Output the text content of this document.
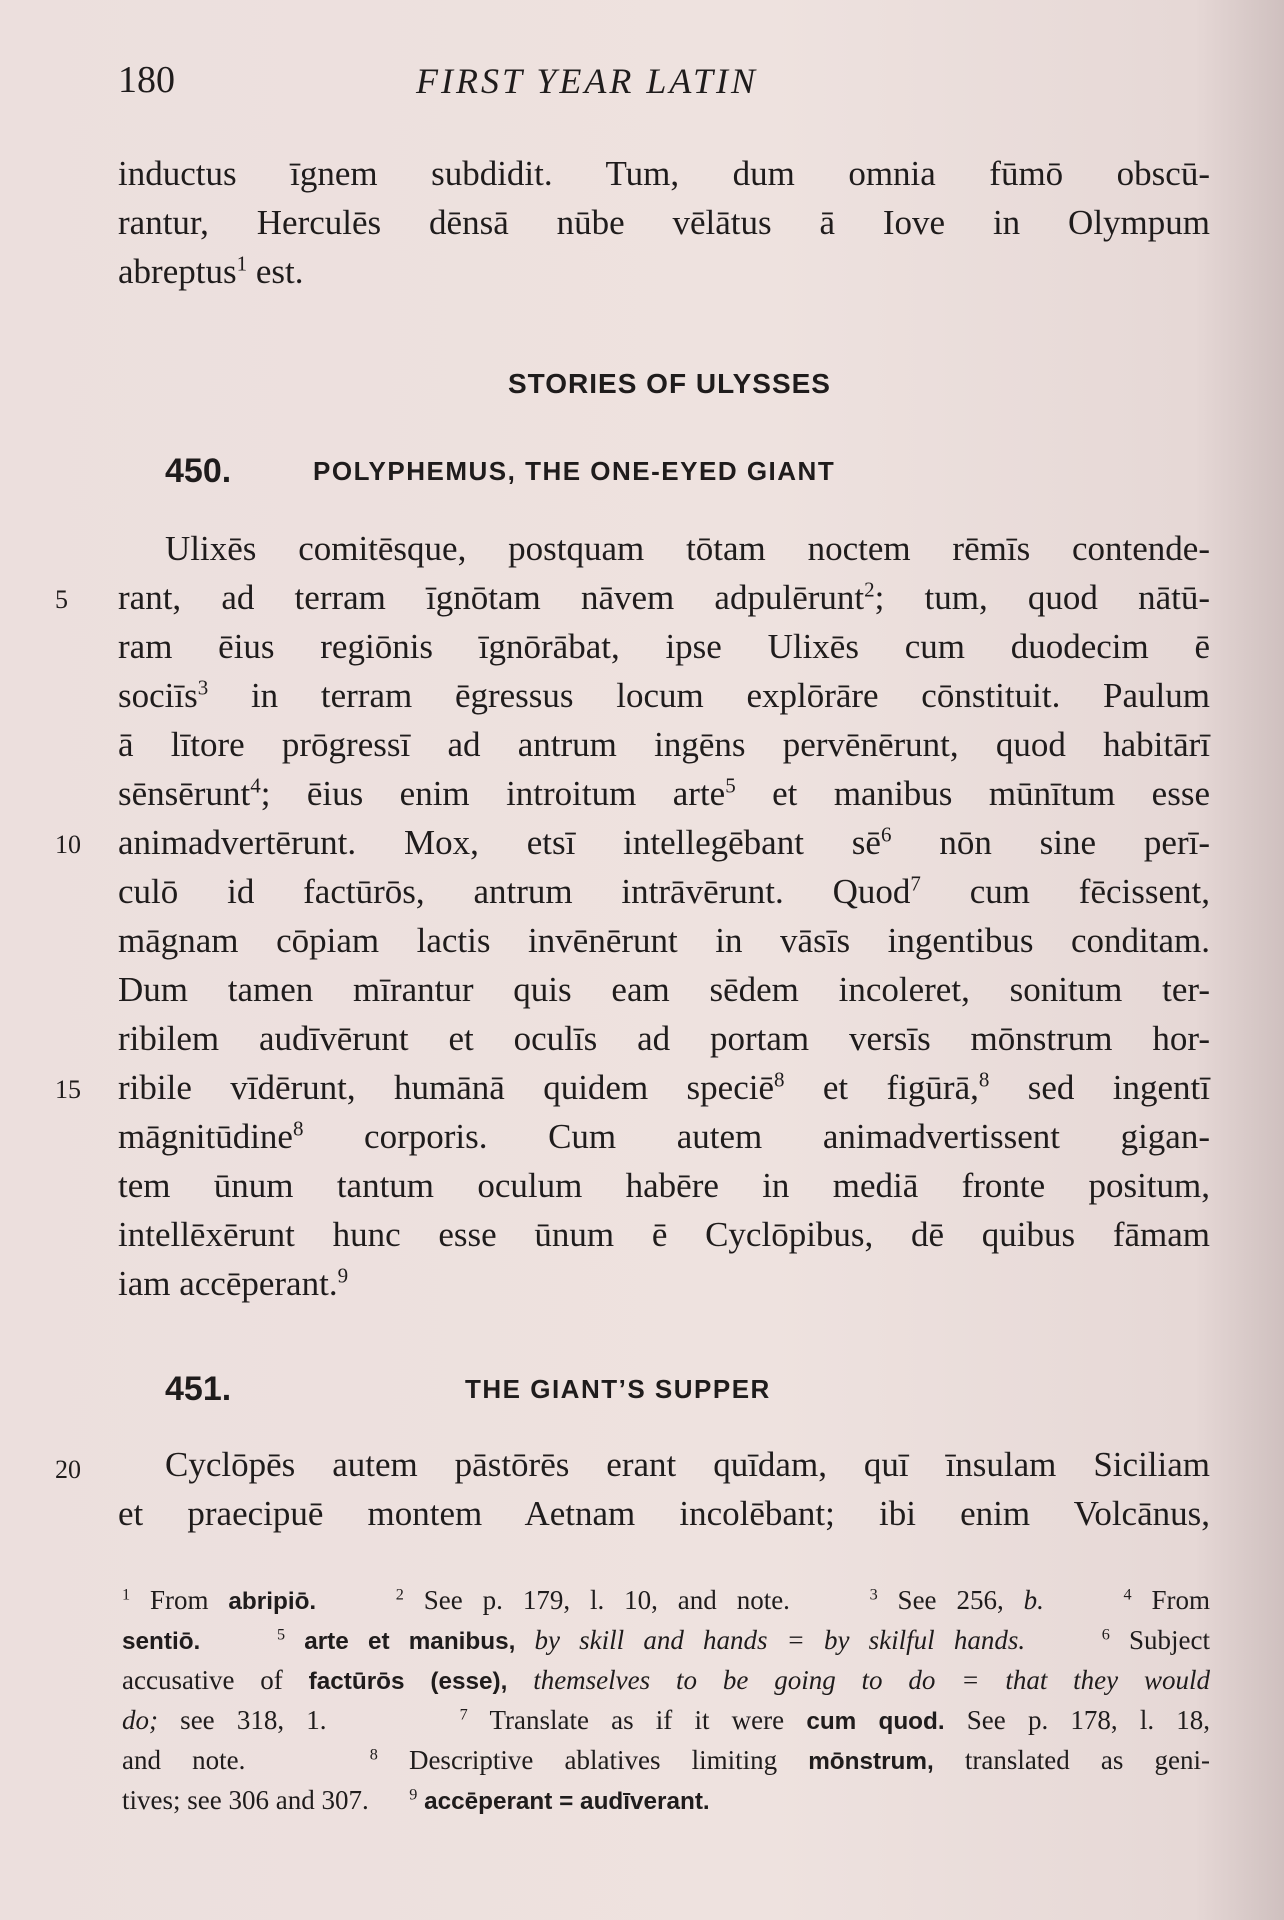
180	FIRST YEAR LATIN
inductus īgnem subdidit. Tum, dum omnia fūmō obscū-
rantur, Herculēs dēnsā nūbe vēlātus ā Iove in Olympum
abreptus$^1$ est.
STORIES OF ULYSSES
450.	POLYPHEMUS, THE ONE-EYED GIANT
Ulixēs comitēsque, postquam tōtam noctem rēmīs contende-
rant, ad terram īgnōtam nāvem adpulērunt$^2$; tum, quod nātū-
ram ēius regiōnis īgnōrābat, ipse Ulixēs cum duodecim ē
sociīs$^3$ in terram ēgressus locum explōrāre cōnstituit. Paulum
ā lītore prōgressī ad antrum ingēns pervēnērunt, quod habitārī
sēnsērunt$^4$; ēius enim introitum arte$^5$ et manibus mūnītum esse
animadvertērunt. Mox, etsī intellegēbant $sē^6$ nōn sine perī-
culō id factūrōs, antrum intrāvērunt. Quod$^7$ cum fēcissent,
māgnam cōpiam lactis invēnērunt in vāsīs ingentibus conditam.
Dum tamen mīrantur quis eam sēdem incoleret, sonitum ter-
ribilem audīvērunt et oculīs ad portam versīs mōnstrum hor-
ribile vīdērunt, humānā quidem speciē$^8$ et figūrā,$^8$ sed ingentī
māgnitūdine$^8$ corporis. Cum autem animadvertissent gigan-
tem ūnum tantum oculum habēre in mediā fronte positum,
intellēxērunt hunc esse ūnum ē Cyclōpibus, dē quibus fāmam
iam accēperant.$^9$
5
10
15
451.	THE GIANT’S SUPPER
Cyclōpēs autem pāstōrēs erant quīdam, quī īnsulam Siciliam
et praecipuē montem Aetnam incolēbant; ibi enim Volcānus,
20
$^1$ From abripiō.	$^2$ See p. 179, l. 10, and note.	$^3$ See 256, b.	$^4$ From
sentiō.	$^5$ arte et manibus, by skill and hands = by skilful hands.	$^6$ Subject
accusative of factūrōs (esse), themselves to be going to do = that they would
do; see 318, 1.	$^7$ Translate as if it were cum quod. See p. 178, l. 18,
and note.	$^8$ Descriptive ablatives limiting mōnstrum, translated as geni-
tives; see 306 and 307.	$^9$ accēperant = audīverant.
